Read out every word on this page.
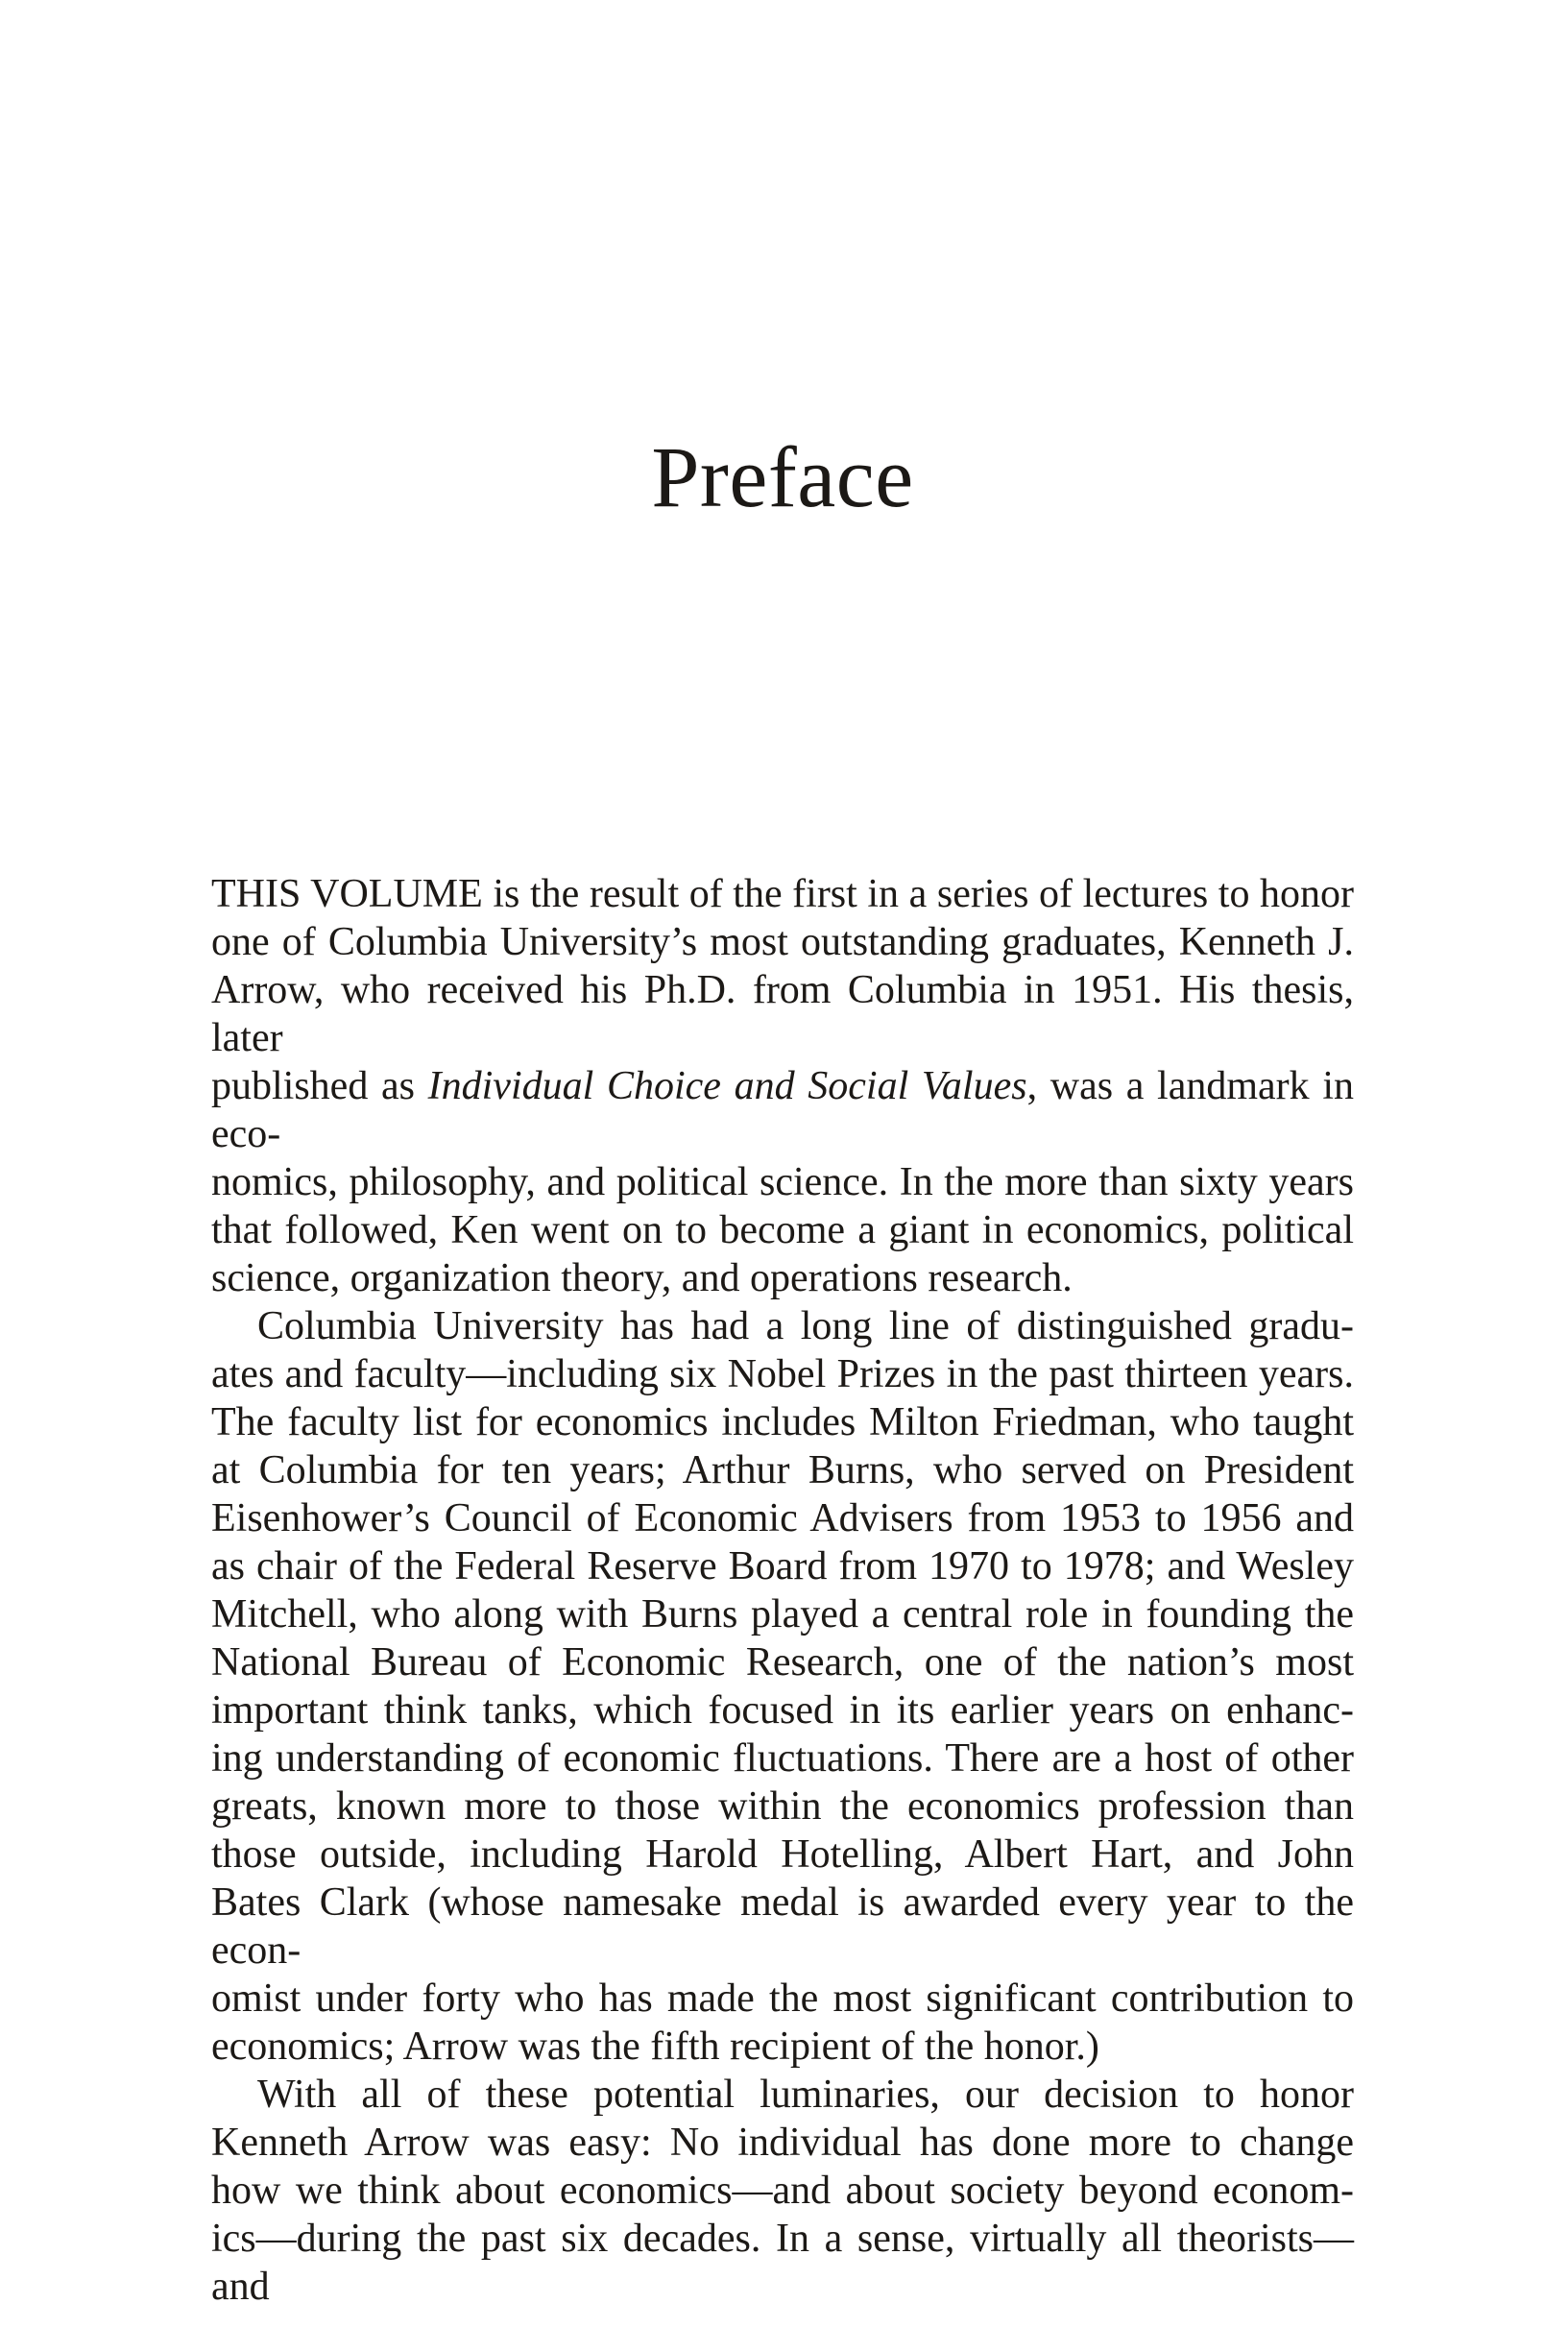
Preface

THIS VOLUME is the result of the first in a series of lectures to honor
one of Columbia University’s most outstanding graduates, Kenneth J.
Arrow, who received his Ph.D. from Columbia in 1951. His thesis, later
published as Individual Choice and Social Values, was a landmark in eco-
nomics, philosophy, and political science. In the more than sixty years
that followed, Ken went on to become a giant in economics, political
science, organization theory, and operations research.

Columbia University has had a long line of distinguished gradu-
ates and faculty—including six Nobel Prizes in the past thirteen years.
The faculty list for economics includes Milton Friedman, who taught
at Columbia for ten years; Arthur Burns, who served on President
Eisenhower’s Council of Economic Advisers from 1953 to 1956 and
as chair of the Federal Reserve Board from 1970 to 1978; and Wesley
Mitchell, who along with Burns played a central role in founding the
National Bureau of Economic Research, one of the nation’s most
important think tanks, which focused in its earlier years on enhanc-
ing understanding of economic fluctuations. There are a host of other
greats, known more to those within the economics profession than
those outside, including Harold Hotelling, Albert Hart, and John
Bates Clark (whose namesake medal is awarded every year to the econ-
omist under forty who has made the most significant contribution to
economics; Arrow was the fifth recipient of the honor.)

With all of these potential luminaries, our decision to honor
Kenneth Arrow was easy: No individual has done more to change
how we think about economics—and about society beyond econom-
ics—during the past six decades. In a sense, virtually all theorists—and
